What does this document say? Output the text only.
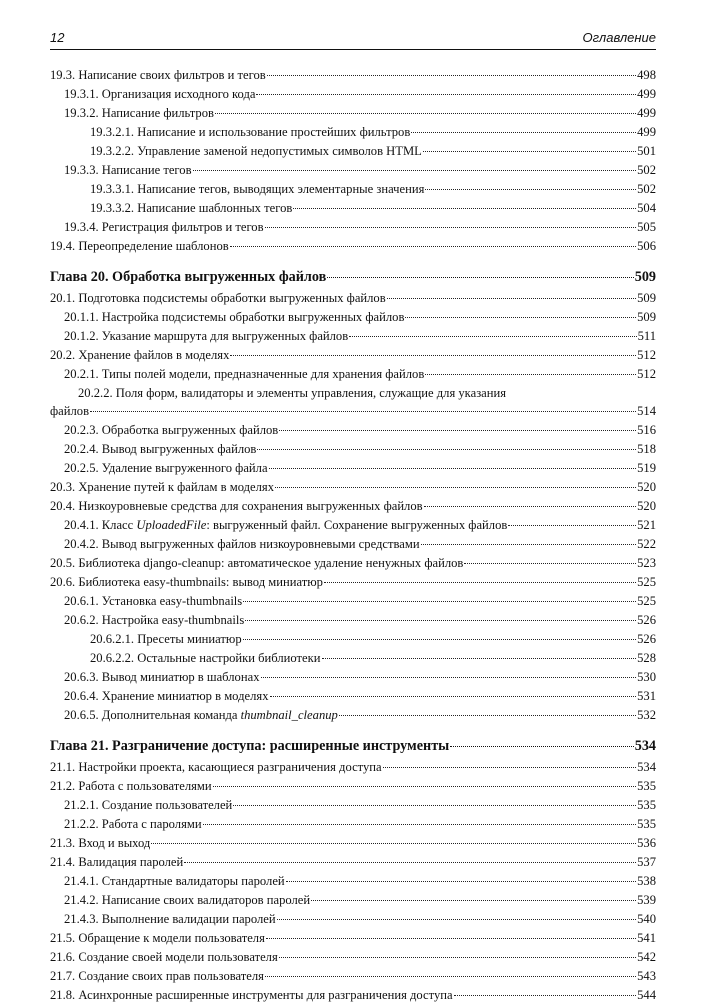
12	Оглавление
19.3. Написание своих фильтров и тегов	498
19.3.1. Организация исходного кода	499
19.3.2. Написание фильтров	499
19.3.2.1. Написание и использование простейших фильтров	499
19.3.2.2. Управление заменой недопустимых символов HTML	501
19.3.3. Написание тегов	502
19.3.3.1. Написание тегов, выводящих элементарные значения	502
19.3.3.2. Написание шаблонных тегов	504
19.3.4. Регистрация фильтров и тегов	505
19.4. Переопределение шаблонов	506
Глава 20. Обработка выгруженных файлов	509
20.1. Подготовка подсистемы обработки выгруженных файлов	509
20.1.1. Настройка подсистемы обработки выгруженных файлов	509
20.1.2. Указание маршрута для выгруженных файлов	511
20.2. Хранение файлов в моделях	512
20.2.1. Типы полей модели, предназначенные для хранения файлов	512
20.2.2. Поля форм, валидаторы и элементы управления, служащие для указания
файлов	514
20.2.3. Обработка выгруженных файлов	516
20.2.4. Вывод выгруженных файлов	518
20.2.5. Удаление выгруженного файла	519
20.3. Хранение путей к файлам в моделях	520
20.4. Низкоуровневые средства для сохранения выгруженных файлов	520
20.4.1. Класс UploadedFile: выгруженный файл. Сохранение выгруженных файлов	521
20.4.2. Вывод выгруженных файлов низкоуровневыми средствами	522
20.5. Библиотека django-cleanup: автоматическое удаление ненужных файлов	523
20.6. Библиотека easy-thumbnails: вывод миниатюр	525
20.6.1. Установка easy-thumbnails	525
20.6.2. Настройка easy-thumbnails	526
20.6.2.1. Пресеты миниатюр	526
20.6.2.2. Остальные настройки библиотеки	528
20.6.3. Вывод миниатюр в шаблонах	530
20.6.4. Хранение миниатюр в моделях	531
20.6.5. Дополнительная команда thumbnail_cleanup	532
Глава 21. Разграничение доступа: расширенные инструменты	534
21.1. Настройки проекта, касающиеся разграничения доступа	534
21.2. Работа с пользователями	535
21.2.1. Создание пользователей	535
21.2.2. Работа с паролями	535
21.3. Вход и выход	536
21.4. Валидация паролей	537
21.4.1. Стандартные валидаторы паролей	538
21.4.2. Написание своих валидаторов паролей	539
21.4.3. Выполнение валидации паролей	540
21.5. Обращение к модели пользователя	541
21.6. Создание своей модели пользователя	542
21.7. Создание своих прав пользователя	543
21.8. Асинхронные расширенные инструменты для разграничения доступа	544
